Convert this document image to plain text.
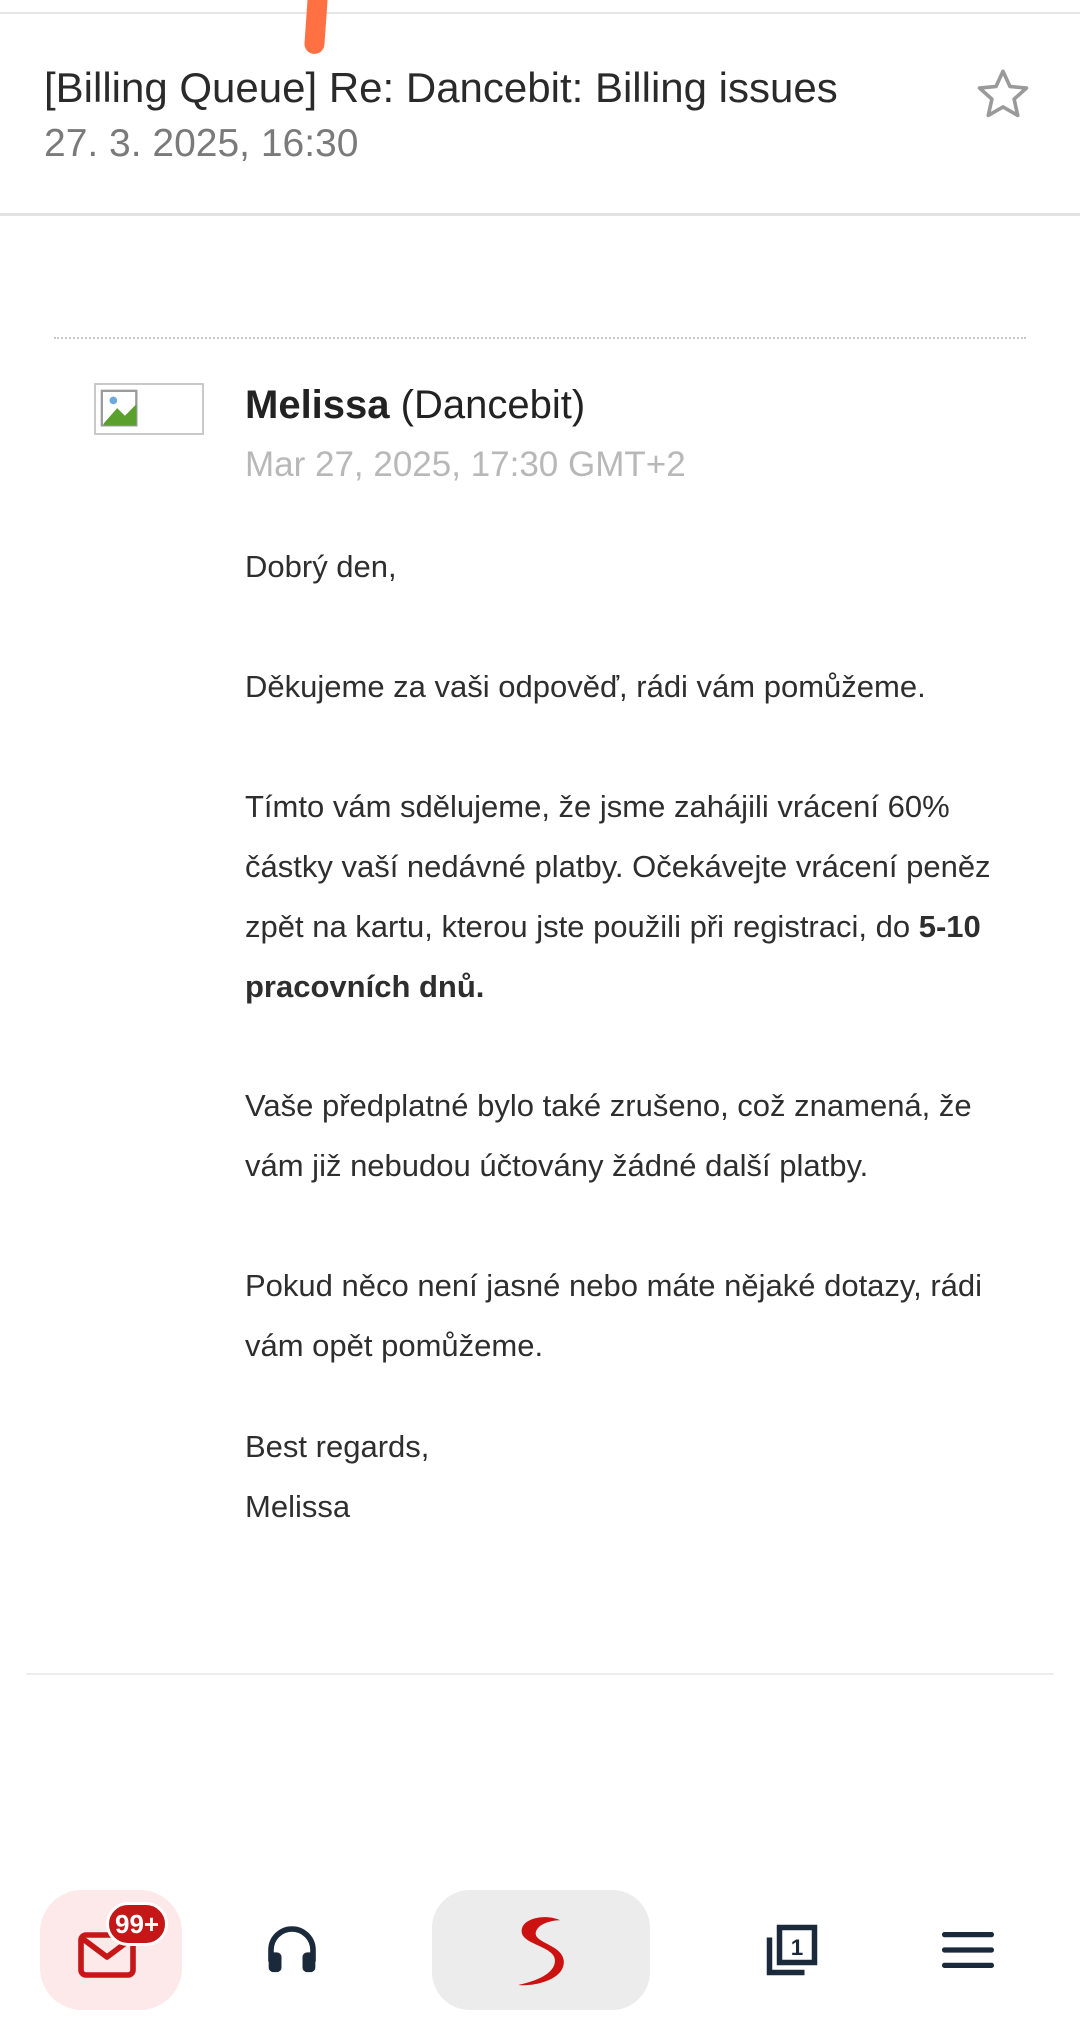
[Billing Queue] Re: Dancebit: Billing issues
27. 3. 2025, 16:30
Melissa (Dancebit)
Mar 27, 2025, 17:30 GMT+2

Dobrý den,

Děkujeme za vaši odpověď, rádi vám pomůžeme.

Tímto vám sdělujeme, že jsme zahájili vrácení 60% částky vaší nedávné platby. Očekávejte vrácení peněz zpět na kartu, kterou jste použili při registraci, do 5-10 pracovních dnů.

Vaše předplatné bylo také zrušeno, což znamená, že vám již nebudou účtovány žádné další platby.

Pokud něco není jasné nebo máte nějaké dotazy, rádi vám opět pomůžeme.

Best regards,
Melissa
99+
1
